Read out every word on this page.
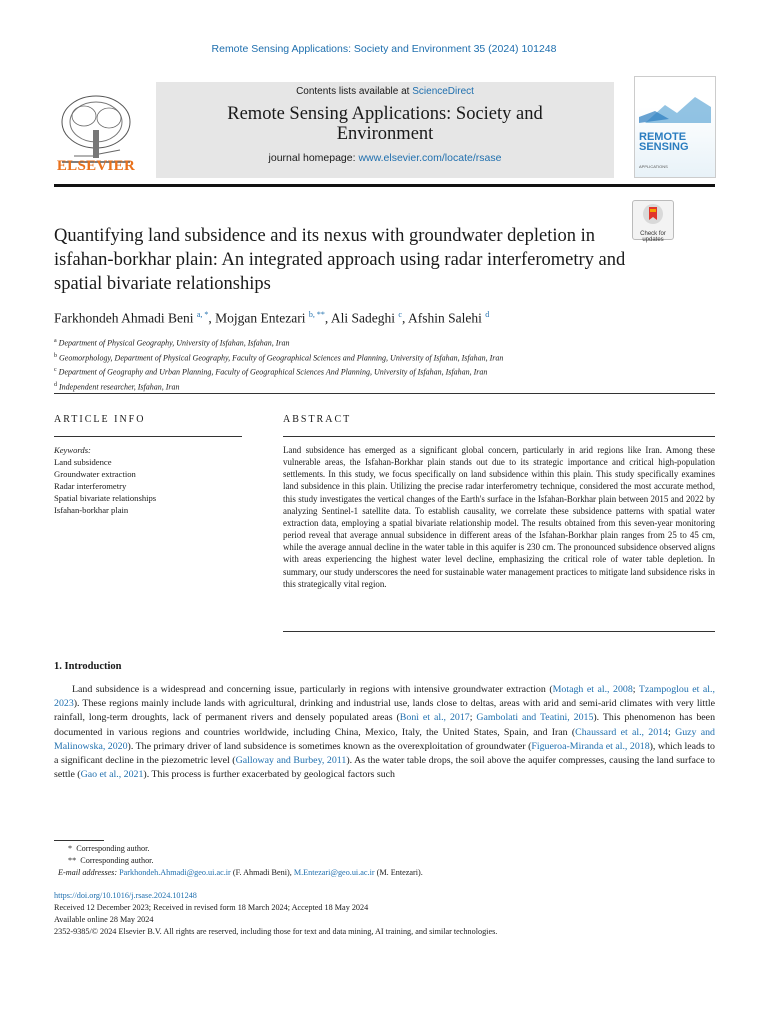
Remote Sensing Applications: Society and Environment 35 (2024) 101248
ELSEVIER
Contents lists available at ScienceDirect
Remote Sensing Applications: Society and Environment
journal homepage: www.elsevier.com/locate/rsase
REMOTE
SENSING
APPLICATIONS
Check for updates
Quantifying land subsidence and its nexus with groundwater depletion in isfahan-borkhar plain: An integrated approach using radar interferometry and spatial bivariate relationships
Farkhondeh Ahmadi Beni $^{a, *}$, Mojgan Entezari $^{b, **}$, Ali Sadeghi $^c$, Afshin Salehi $^d$
$^a$ Department of Physical Geography, University of Isfahan, Isfahan, Iran
$^b$ Geomorphology, Department of Physical Geography, Faculty of Geographical Sciences and Planning, University of Isfahan, Isfahan, Iran
$^c$ Department of Geography and Urban Planning, Faculty of Geographical Sciences And Planning, University of Isfahan, Isfahan, Iran
$^d$ Independent researcher, Isfahan, Iran
ARTICLE INFO	ABSTRACT
Keywords:
Land subsidence
Groundwater extraction
Radar interferometry
Spatial bivariate relationships
Isfahan-borkhar plain
Land subsidence has emerged as a significant global concern, particularly in arid regions like Iran. Among these vulnerable areas, the Isfahan-Borkhar plain stands out due to its strategic importance and critical high-population settlements. In this study, we focus specifically on land subsidence within this plain. This study specifically examines land subsidence in this plain. Utilizing the precise radar interferometry technique, considered the most accurate method, this study investigates the vertical changes of the Earth's surface in the Isfahan-Borkhar plain between 2015 and 2022 by analyzing Sentinel-1 satellite data. To establish causality, we correlate these subsidence patterns with spatial water extraction data, employing a spatial bivariate relationship model. The results obtained from this seven-year monitoring period reveal that average annual subsidence in different areas of the Isfahan-Borkhar plain ranges from 25 to 45 cm, while the average annual decline in the water table in this aquifer is 230 cm. The pronounced subsidence observed aligns with areas experiencing the highest water level decline, emphasizing the critical role of water table depletion. In summary, our study underscores the need for sustainable water management practices to mitigate land subsidence risks in this strategically vital region.
1. Introduction
Land subsidence is a widespread and concerning issue, particularly in regions with intensive groundwater extraction (Motagh et al., 2008; Tzampoglou et al., 2023). These regions mainly include lands with agricultural, drinking and industrial use, lands close to deltas, areas with arid and semi-arid climates with very little rainfall, long-term droughts, lack of permanent rivers and densely populated areas (Bonì et al., 2017; Gambolati and Teatini, 2015). This phenomenon has been documented in various regions and countries worldwide, including China, Mexico, Italy, the United States, Spain, and Iran (Chaussard et al., 2014; Guzy and Malinowska, 2020). The primary driver of land subsidence is sometimes known as the overexploitation of groundwater (Figueroa-Miranda et al., 2018), which leads to a significant decline in the piezometric level (Galloway and Burbey, 2011). As the water table drops, the soil above the aquifer compresses, causing the land surface to settle (Gao et al., 2021). This process is further exacerbated by geological factors such
* Corresponding author.
** Corresponding author.
E-mail addresses: Parkhondeh.Ahmadi@geo.ui.ac.ir (F. Ahmadi Beni), M.Entezari@geo.ui.ac.ir (M. Entezari).
https://doi.org/10.1016/j.rsase.2024.101248
Received 12 December 2023; Received in revised form 18 March 2024; Accepted 18 May 2024
Available online 28 May 2024
2352-9385/© 2024 Elsevier B.V. All rights are reserved, including those for text and data mining, AI training, and similar technologies.
